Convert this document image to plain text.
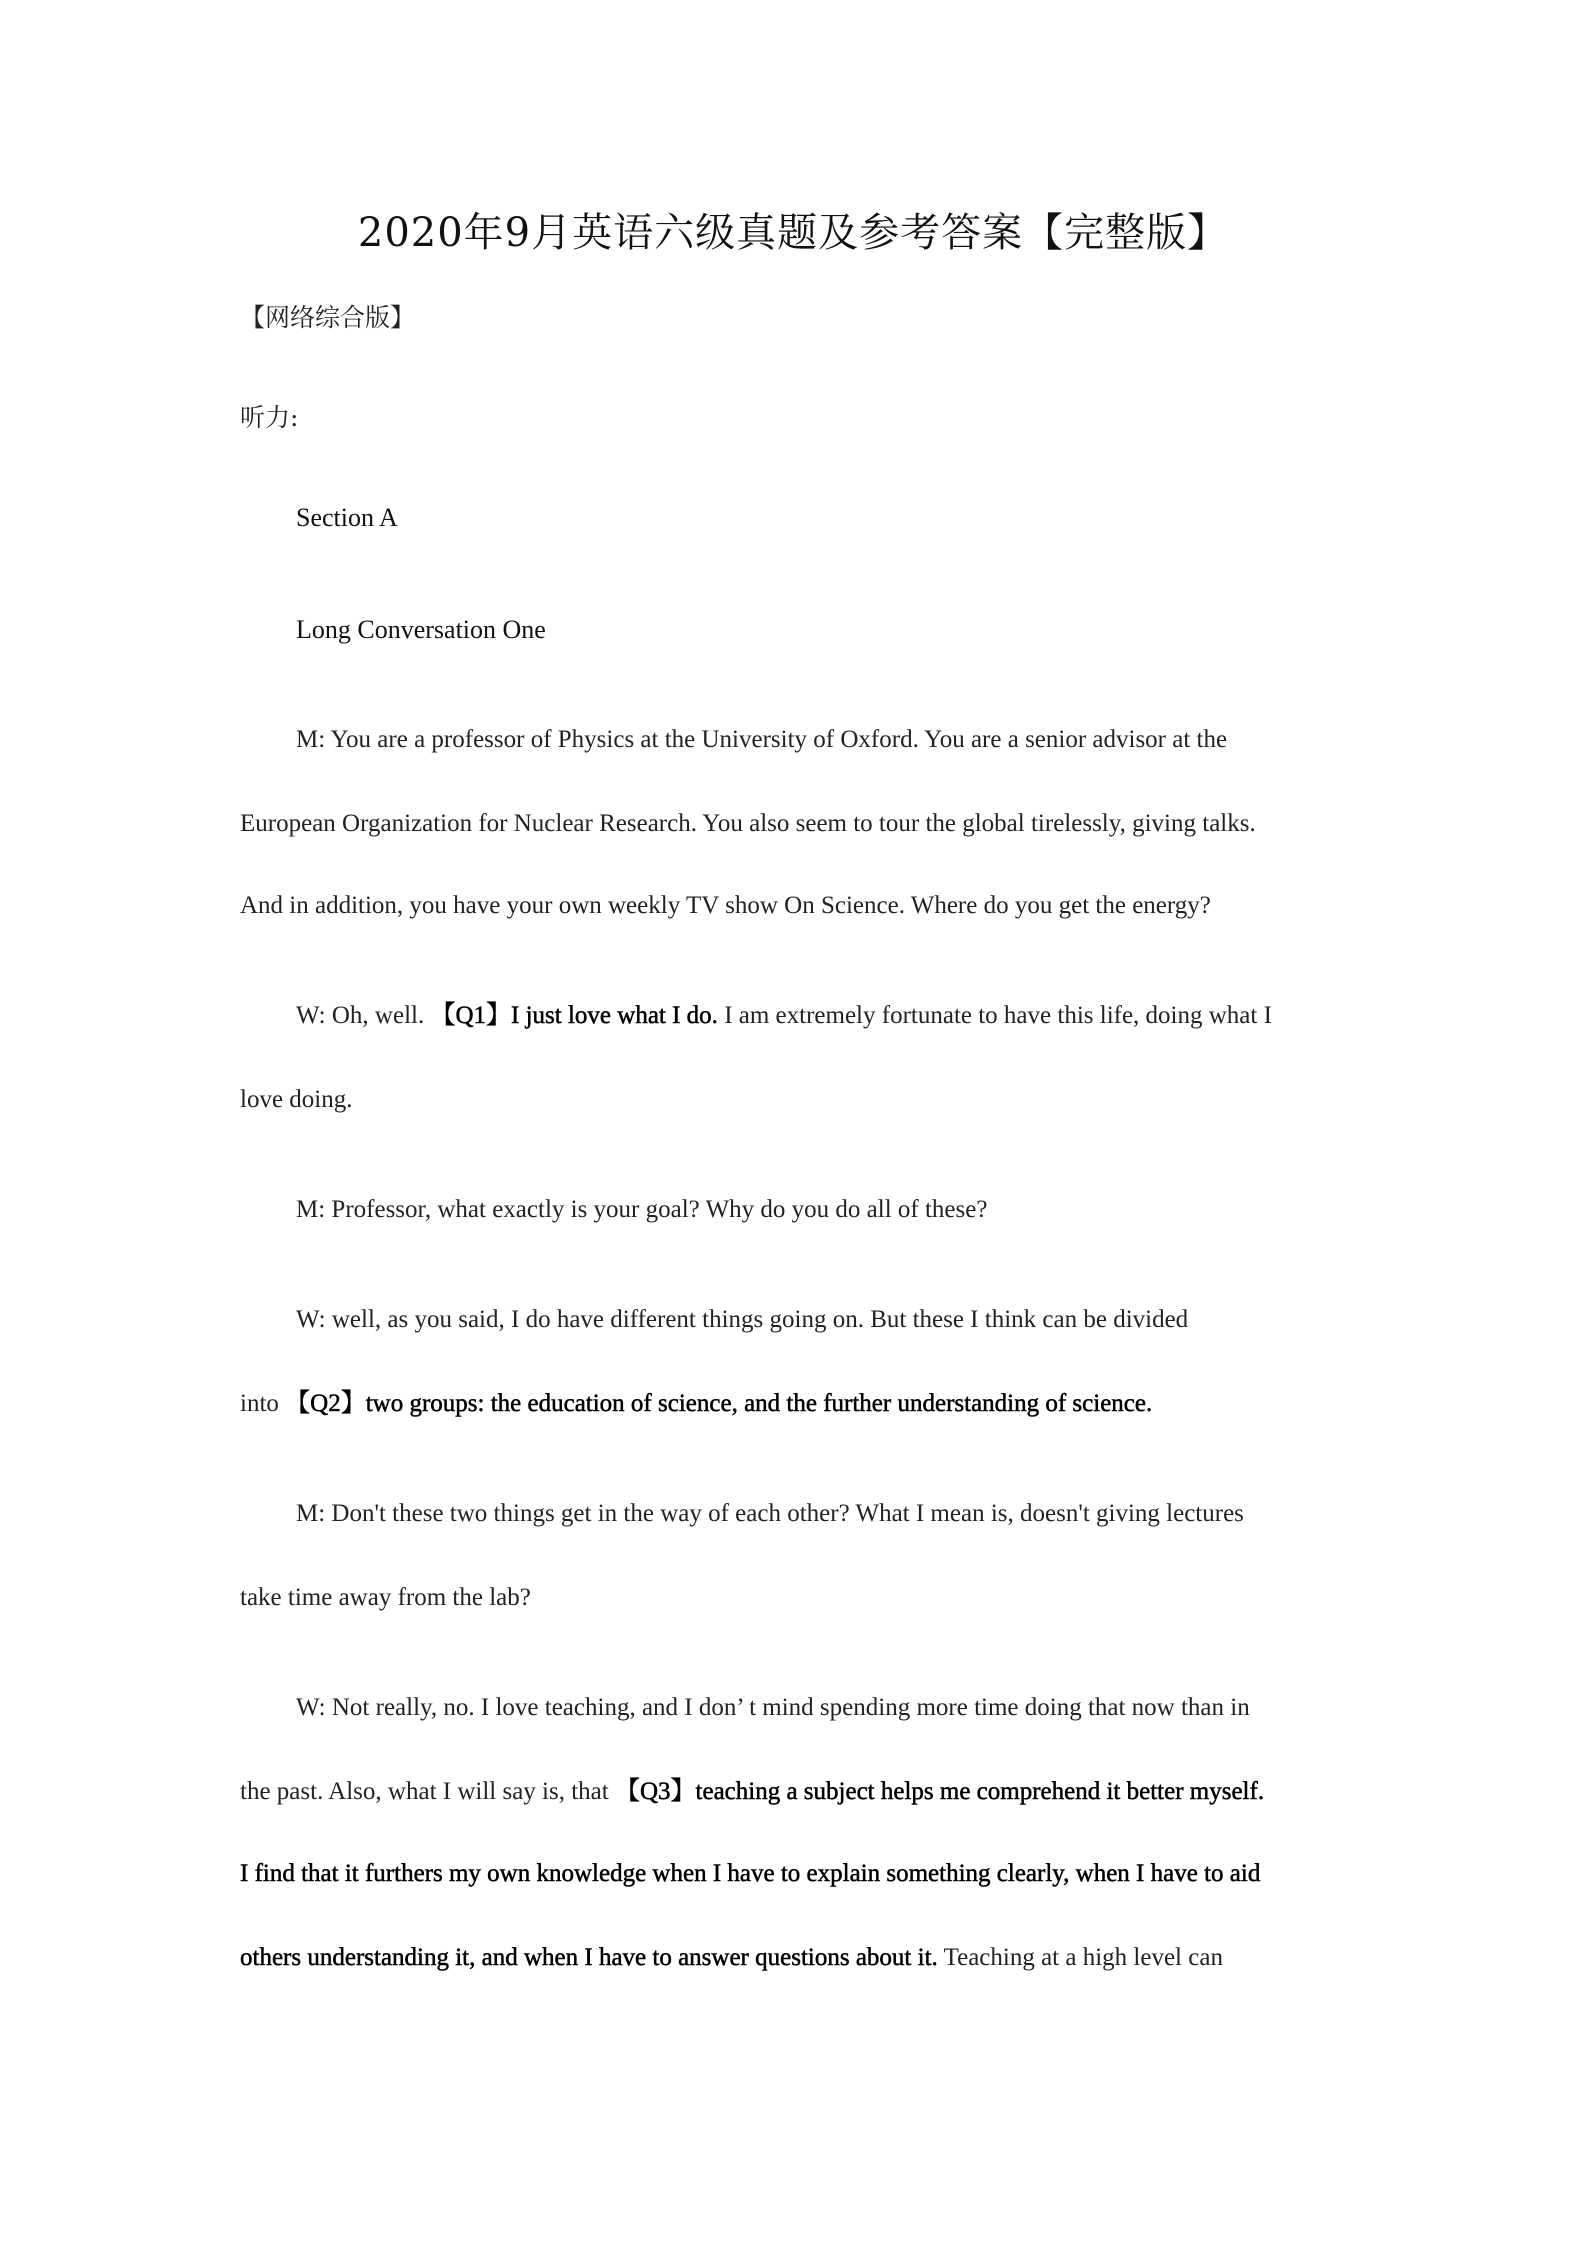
2020年9月英语六级真题及参考答案【完整版】
【网络综合版】
听力:
Section A
Long Conversation One
M: You are a professor of Physics at the University of Oxford. You are a senior advisor at the
European Organization for Nuclear Research. You also seem to tour the global tirelessly, giving talks.
And in addition, you have your own weekly TV show On Science. Where do you get the energy?
W: Oh, well. 【Q1】I just love what I do. I am extremely fortunate to have this life, doing what I
love doing.
M: Professor, what exactly is your goal? Why do you do all of these?
W: well, as you said, I do have different things going on. But these I think can be divided
into 【Q2】two groups: the education of science, and the further understanding of science.
M: Don't these two things get in the way of each other? What I mean is, doesn't giving lectures
take time away from the lab?
W: Not really, no. I love teaching, and I don’ t mind spending more time doing that now than in
the past. Also, what I will say is, that 【Q3】teaching a subject helps me comprehend it better myself.
I find that it furthers my own knowledge when I have to explain something clearly, when I have to aid
others understanding it, and when I have to answer questions about it. Teaching at a high level can
